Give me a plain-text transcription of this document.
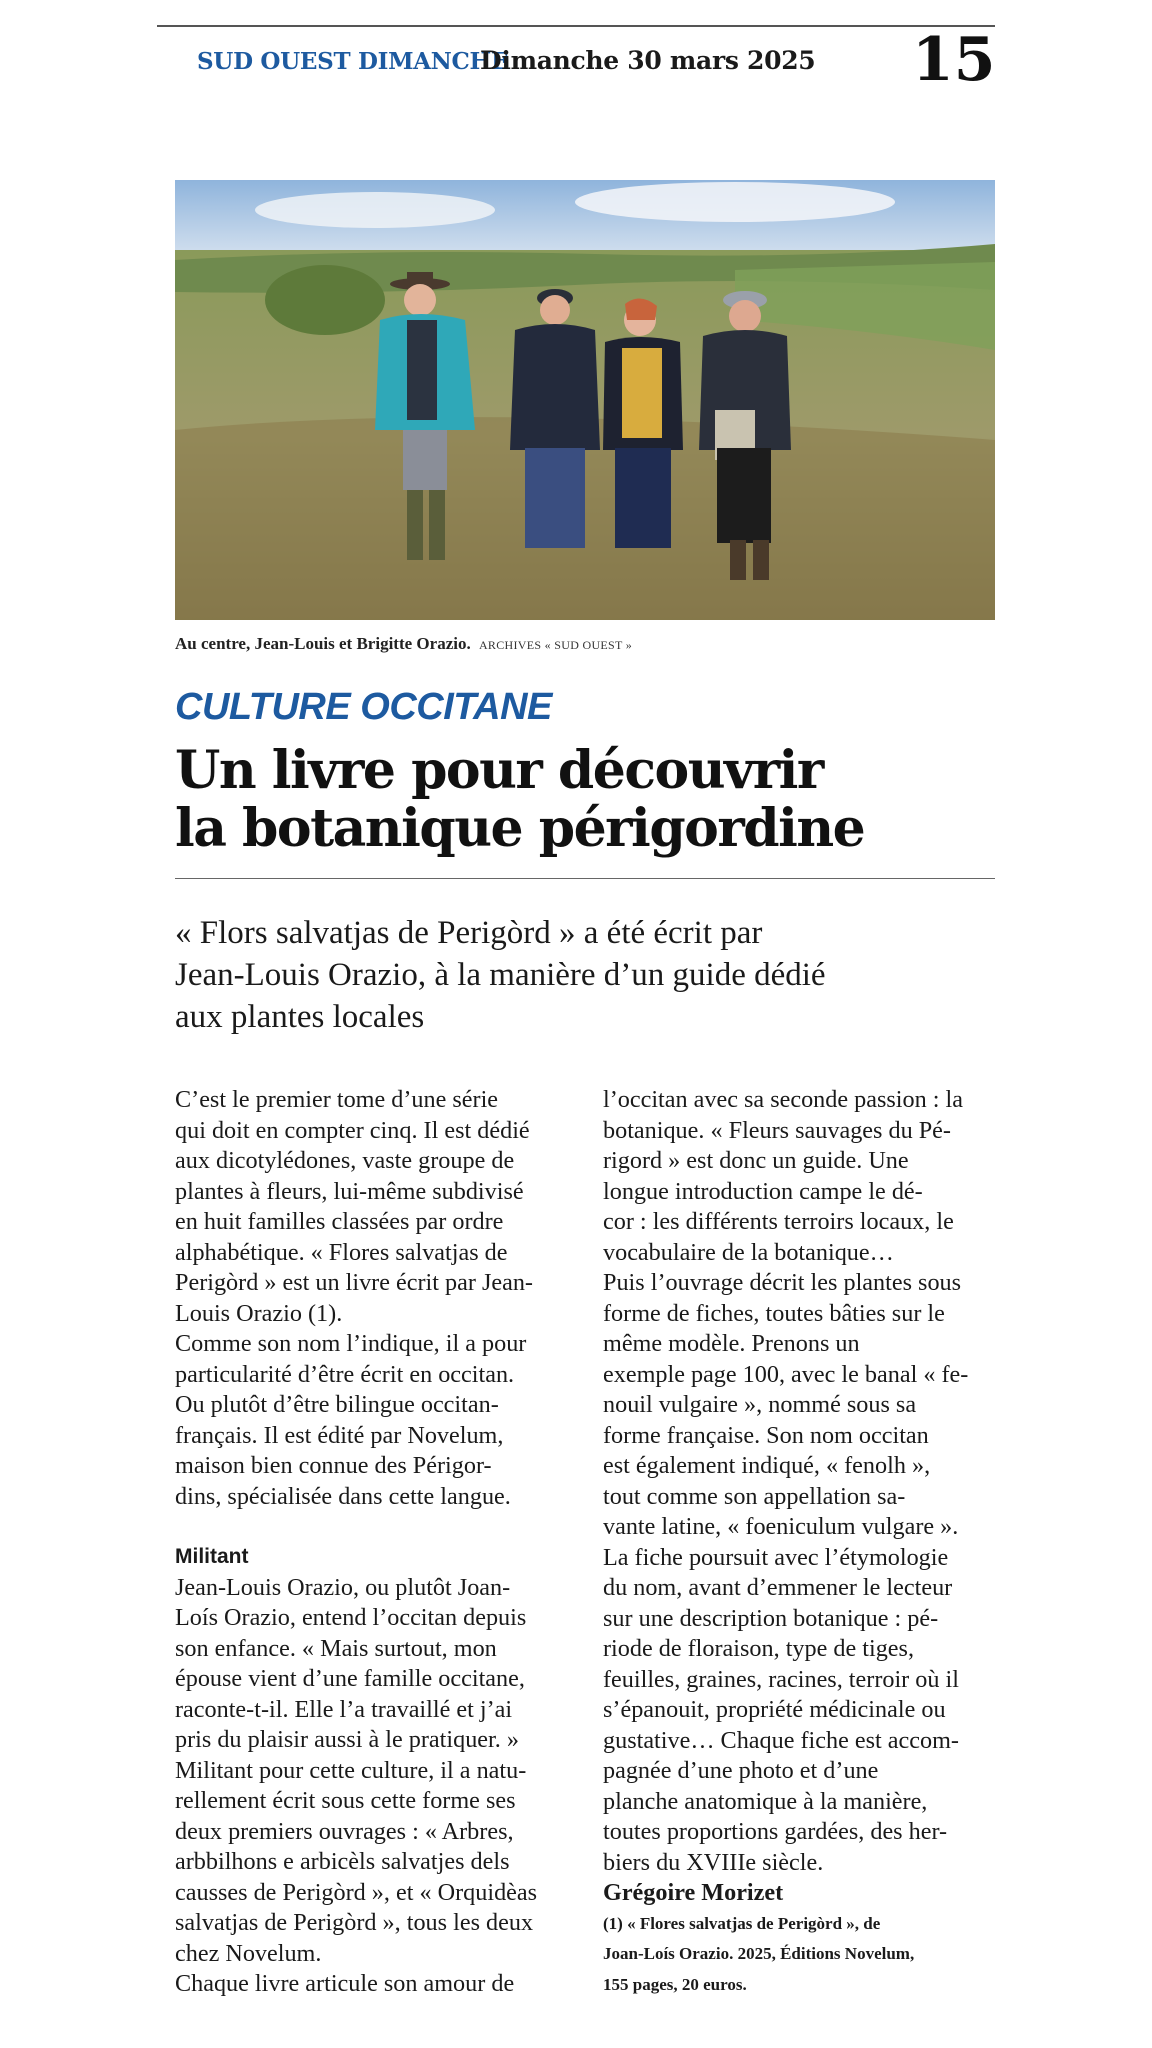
SUD OUEST DIMANCHE
Dimanche 30 mars 2025 15
Au centre, Jean-Louis et Brigitte Orazio. ARCHIVES « SUD OUEST »
CULTURE OCCITANE
Un livre pour découvrir
la botanique périgordine
« Flors salvatjas de Perigòrd » a été écrit par
Jean-Louis Orazio, à la manière d’un guide dédié
aux plantes locales
C’est le premier tome d’une série
qui doit en compter cinq. Il est dédié
aux dicotylédones, vaste groupe de
plantes à fleurs, lui-même subdivisé
en huit familles classées par ordre
alphabétique. « Flores salvatjas de
Perigòrd » est un livre écrit par Jean-
Louis Orazio (1).
Comme son nom l’indique, il a pour
particularité d’être écrit en occitan.
Ou plutôt d’être bilingue occitan-
français. Il est édité par Novelum,
maison bien connue des Périgor-
dins, spécialisée dans cette langue.
Militant
Jean-Louis Orazio, ou plutôt Joan-
Loís Orazio, entend l’occitan depuis
son enfance. « Mais surtout, mon
épouse vient d’une famille occitane,
raconte-t-il. Elle l’a travaillé et j’ai
pris du plaisir aussi à le pratiquer. »
Militant pour cette culture, il a natu-
rellement écrit sous cette forme ses
deux premiers ouvrages : « Arbres,
arbbilhons e arbicèls salvatjes dels
causses de Perigòrd », et « Orquidèas
salvatjas de Perigòrd », tous les deux
chez Novelum.
Chaque livre articule son amour de
l’occitan avec sa seconde passion : la
botanique. « Fleurs sauvages du Pé-
rigord » est donc un guide. Une
longue introduction campe le dé-
cor : les différents terroirs locaux, le
vocabulaire de la botanique…
Puis l’ouvrage décrit les plantes sous
forme de fiches, toutes bâties sur le
même modèle. Prenons un
exemple page 100, avec le banal « fe-
nouil vulgaire », nommé sous sa
forme française. Son nom occitan
est également indiqué, « fenolh »,
tout comme son appellation sa-
vante latine, « foeniculum vulgare ».
La fiche poursuit avec l’étymologie
du nom, avant d’emmener le lecteur
sur une description botanique : pé-
riode de floraison, type de tiges,
feuilles, graines, racines, terroir où il
s’épanouit, propriété médicinale ou
gustative… Chaque fiche est accom-
pagnée d’une photo et d’une
planche anatomique à la manière,
toutes proportions gardées, des her-
biers du XVIIIe siècle.
Grégoire Morizet
(1) « Flores salvatjas de Perigòrd », de
Joan-Loís Orazio. 2025, Éditions Novelum,
155 pages, 20 euros.
